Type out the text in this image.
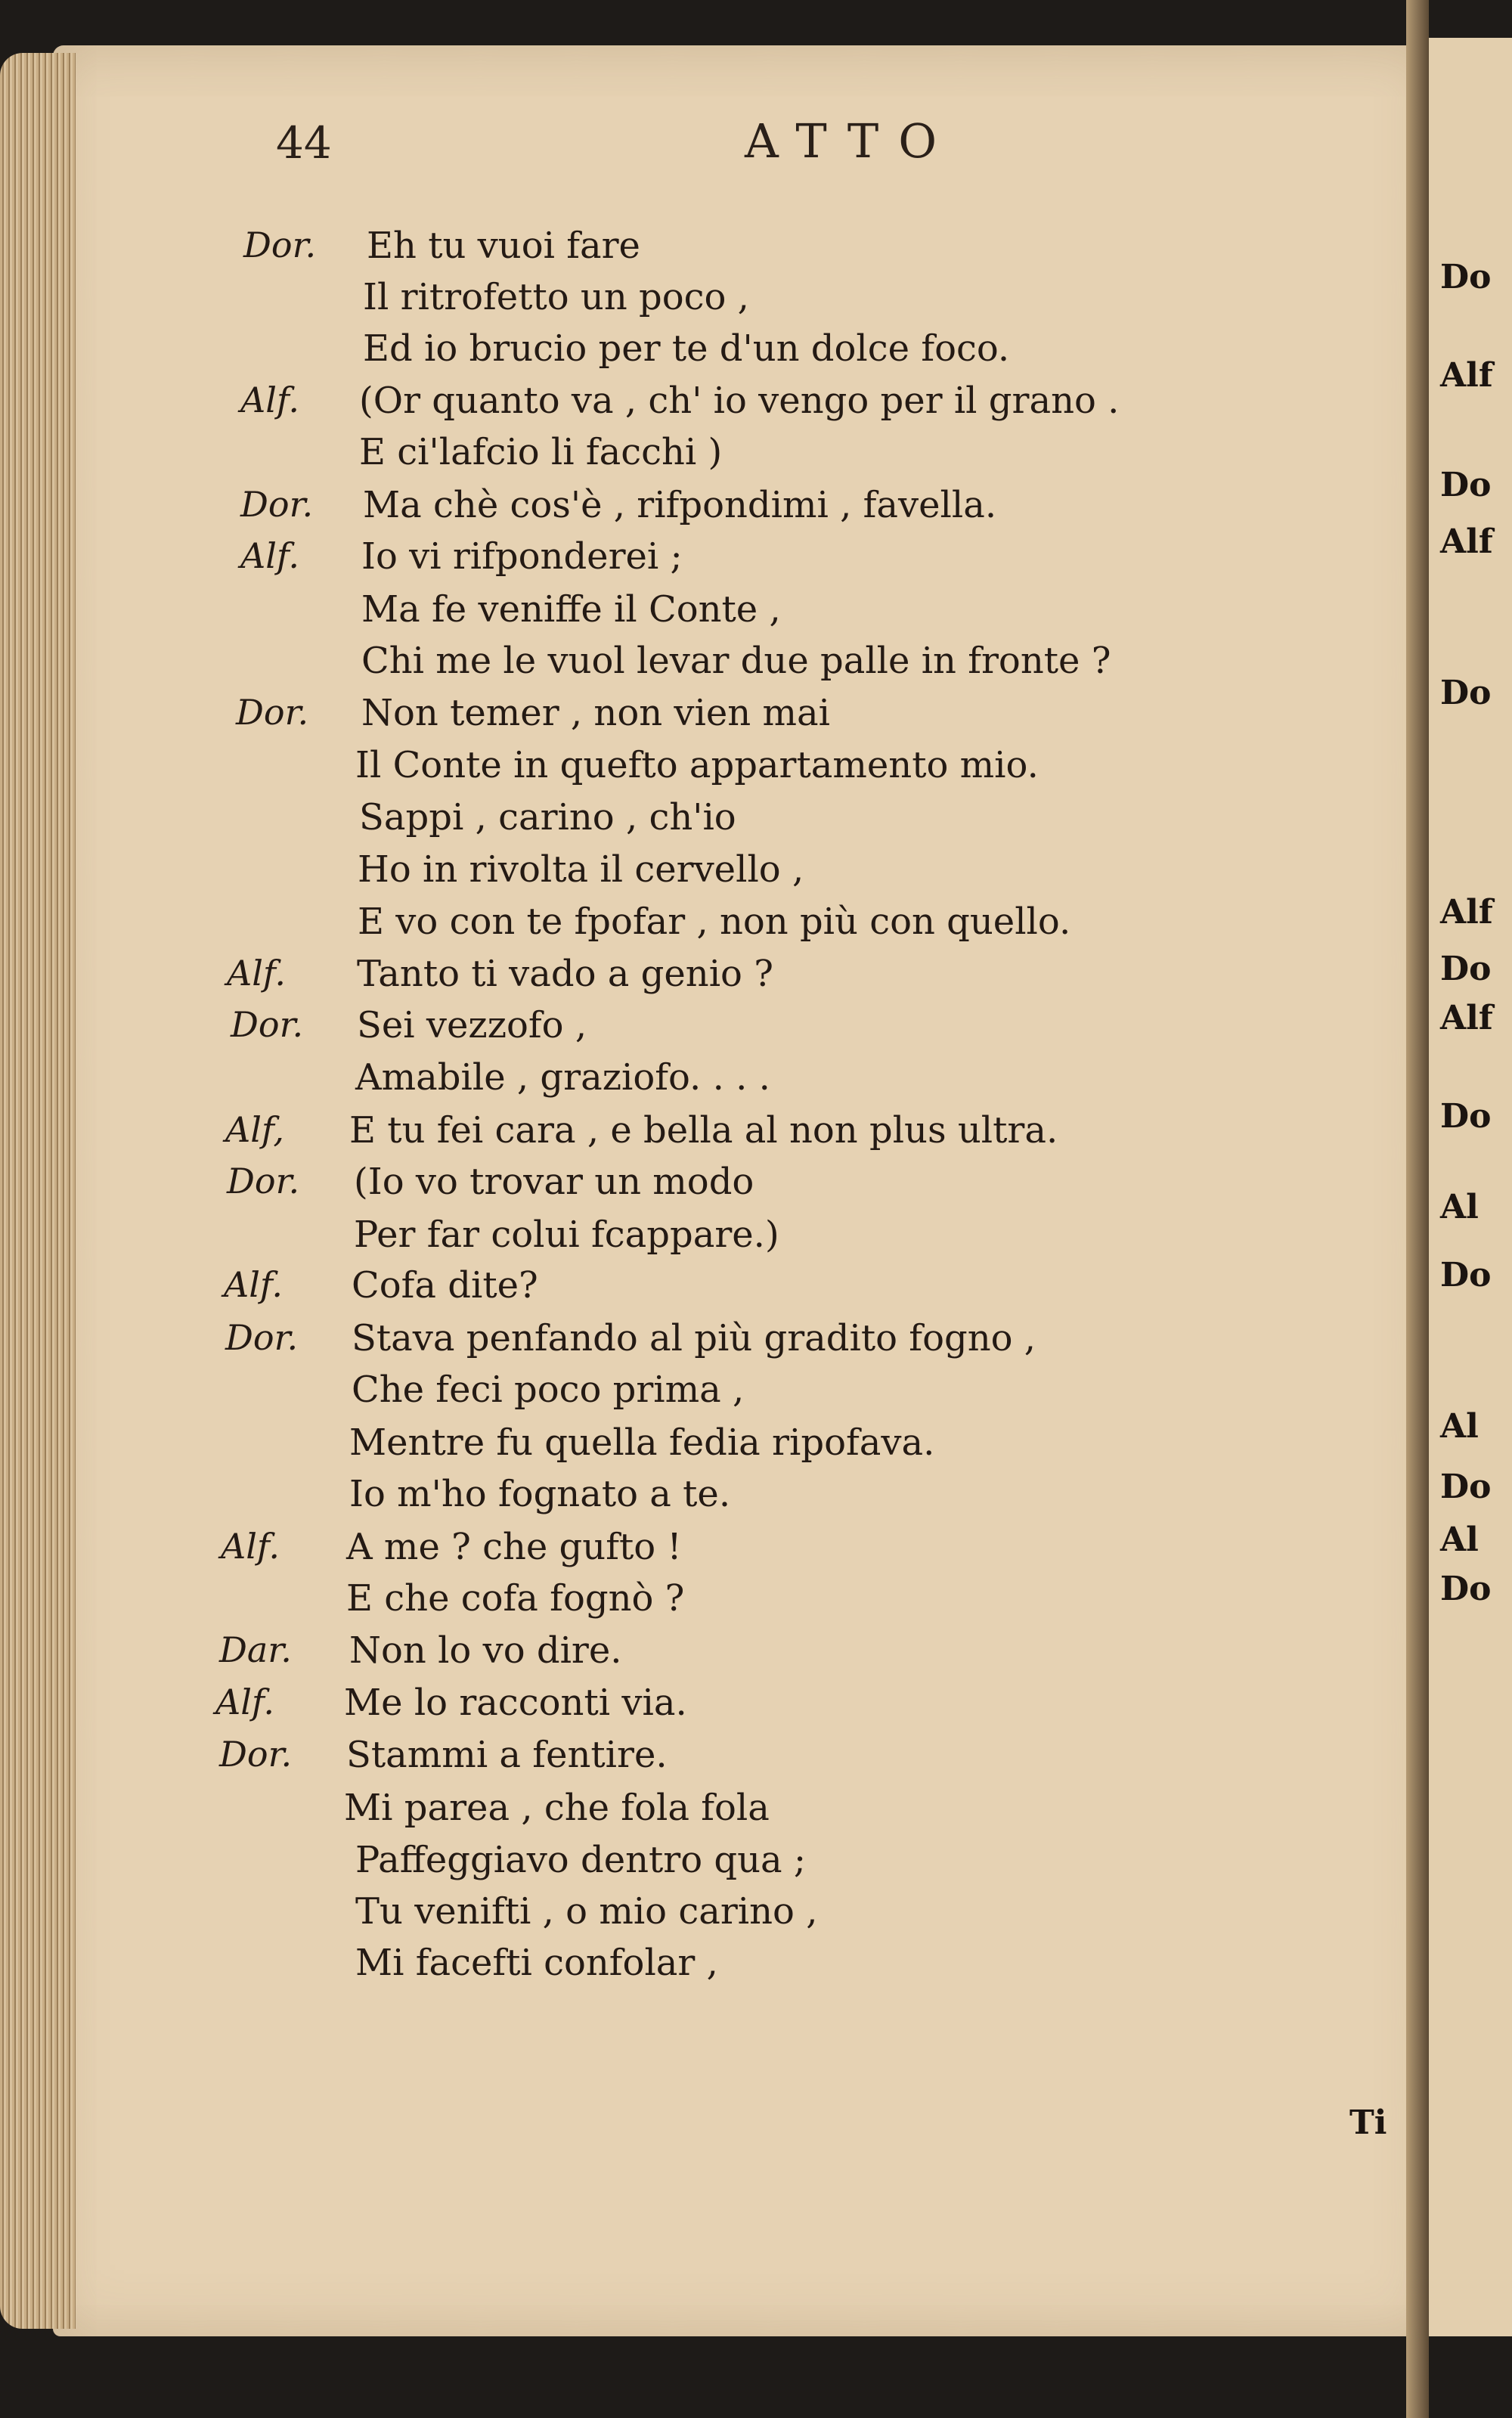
44	ATTO
Dor. Eh tu vuoi fare
Il ritrofetto un poco ,
Ed io brucio per te d'un dolce foco.
Alf. (Or quanto va , ch' io vengo per il grano .
E ci'lafcio li facchi )
Dor. Ma chè cos'è , rifpondimi , favella.
Alf. Io vi rifponderei ;
Ma fe veniffe il Conte ,
Chi me le vuol levar due palle in fronte ?
Dor. Non temer , non vien mai
Il Conte in quefto appartamento mio.
Sappi , carino , ch'io
Ho in rivolta il cervello ,
E vo con te fpofar , non più con quello.
Alf. Tanto ti vado a genio ?
Dor. Sei vezzofo ,
Amabile , graziofo. . . .
Alf, E tu fei cara , e bella al non plus ultra.
Dor. (Io vo trovar un modo
Per far colui fcappare.)
Alf. Cofa dite?
Dor. Stava penfando al più gradito fogno ,
Che feci poco prima ,
Mentre fu quella fedia ripofava.
Io m'ho fognato a te.
Alf. A me ? che gufto !
E che cofa fognò ?
Dar. Non lo vo dire.
Alf. Me lo racconti via.
Dor. Stammi a fentire.
Mi parea , che fola fola
Paffeggiavo dentro qua ;
Tu venifti , o mio carino ,
Mi facefti confolar ,
Do
Alf
Do
Alf
Do
Alf
Do
Alf
Do
Al
Do
Al
Do
Al
Do
Ti
